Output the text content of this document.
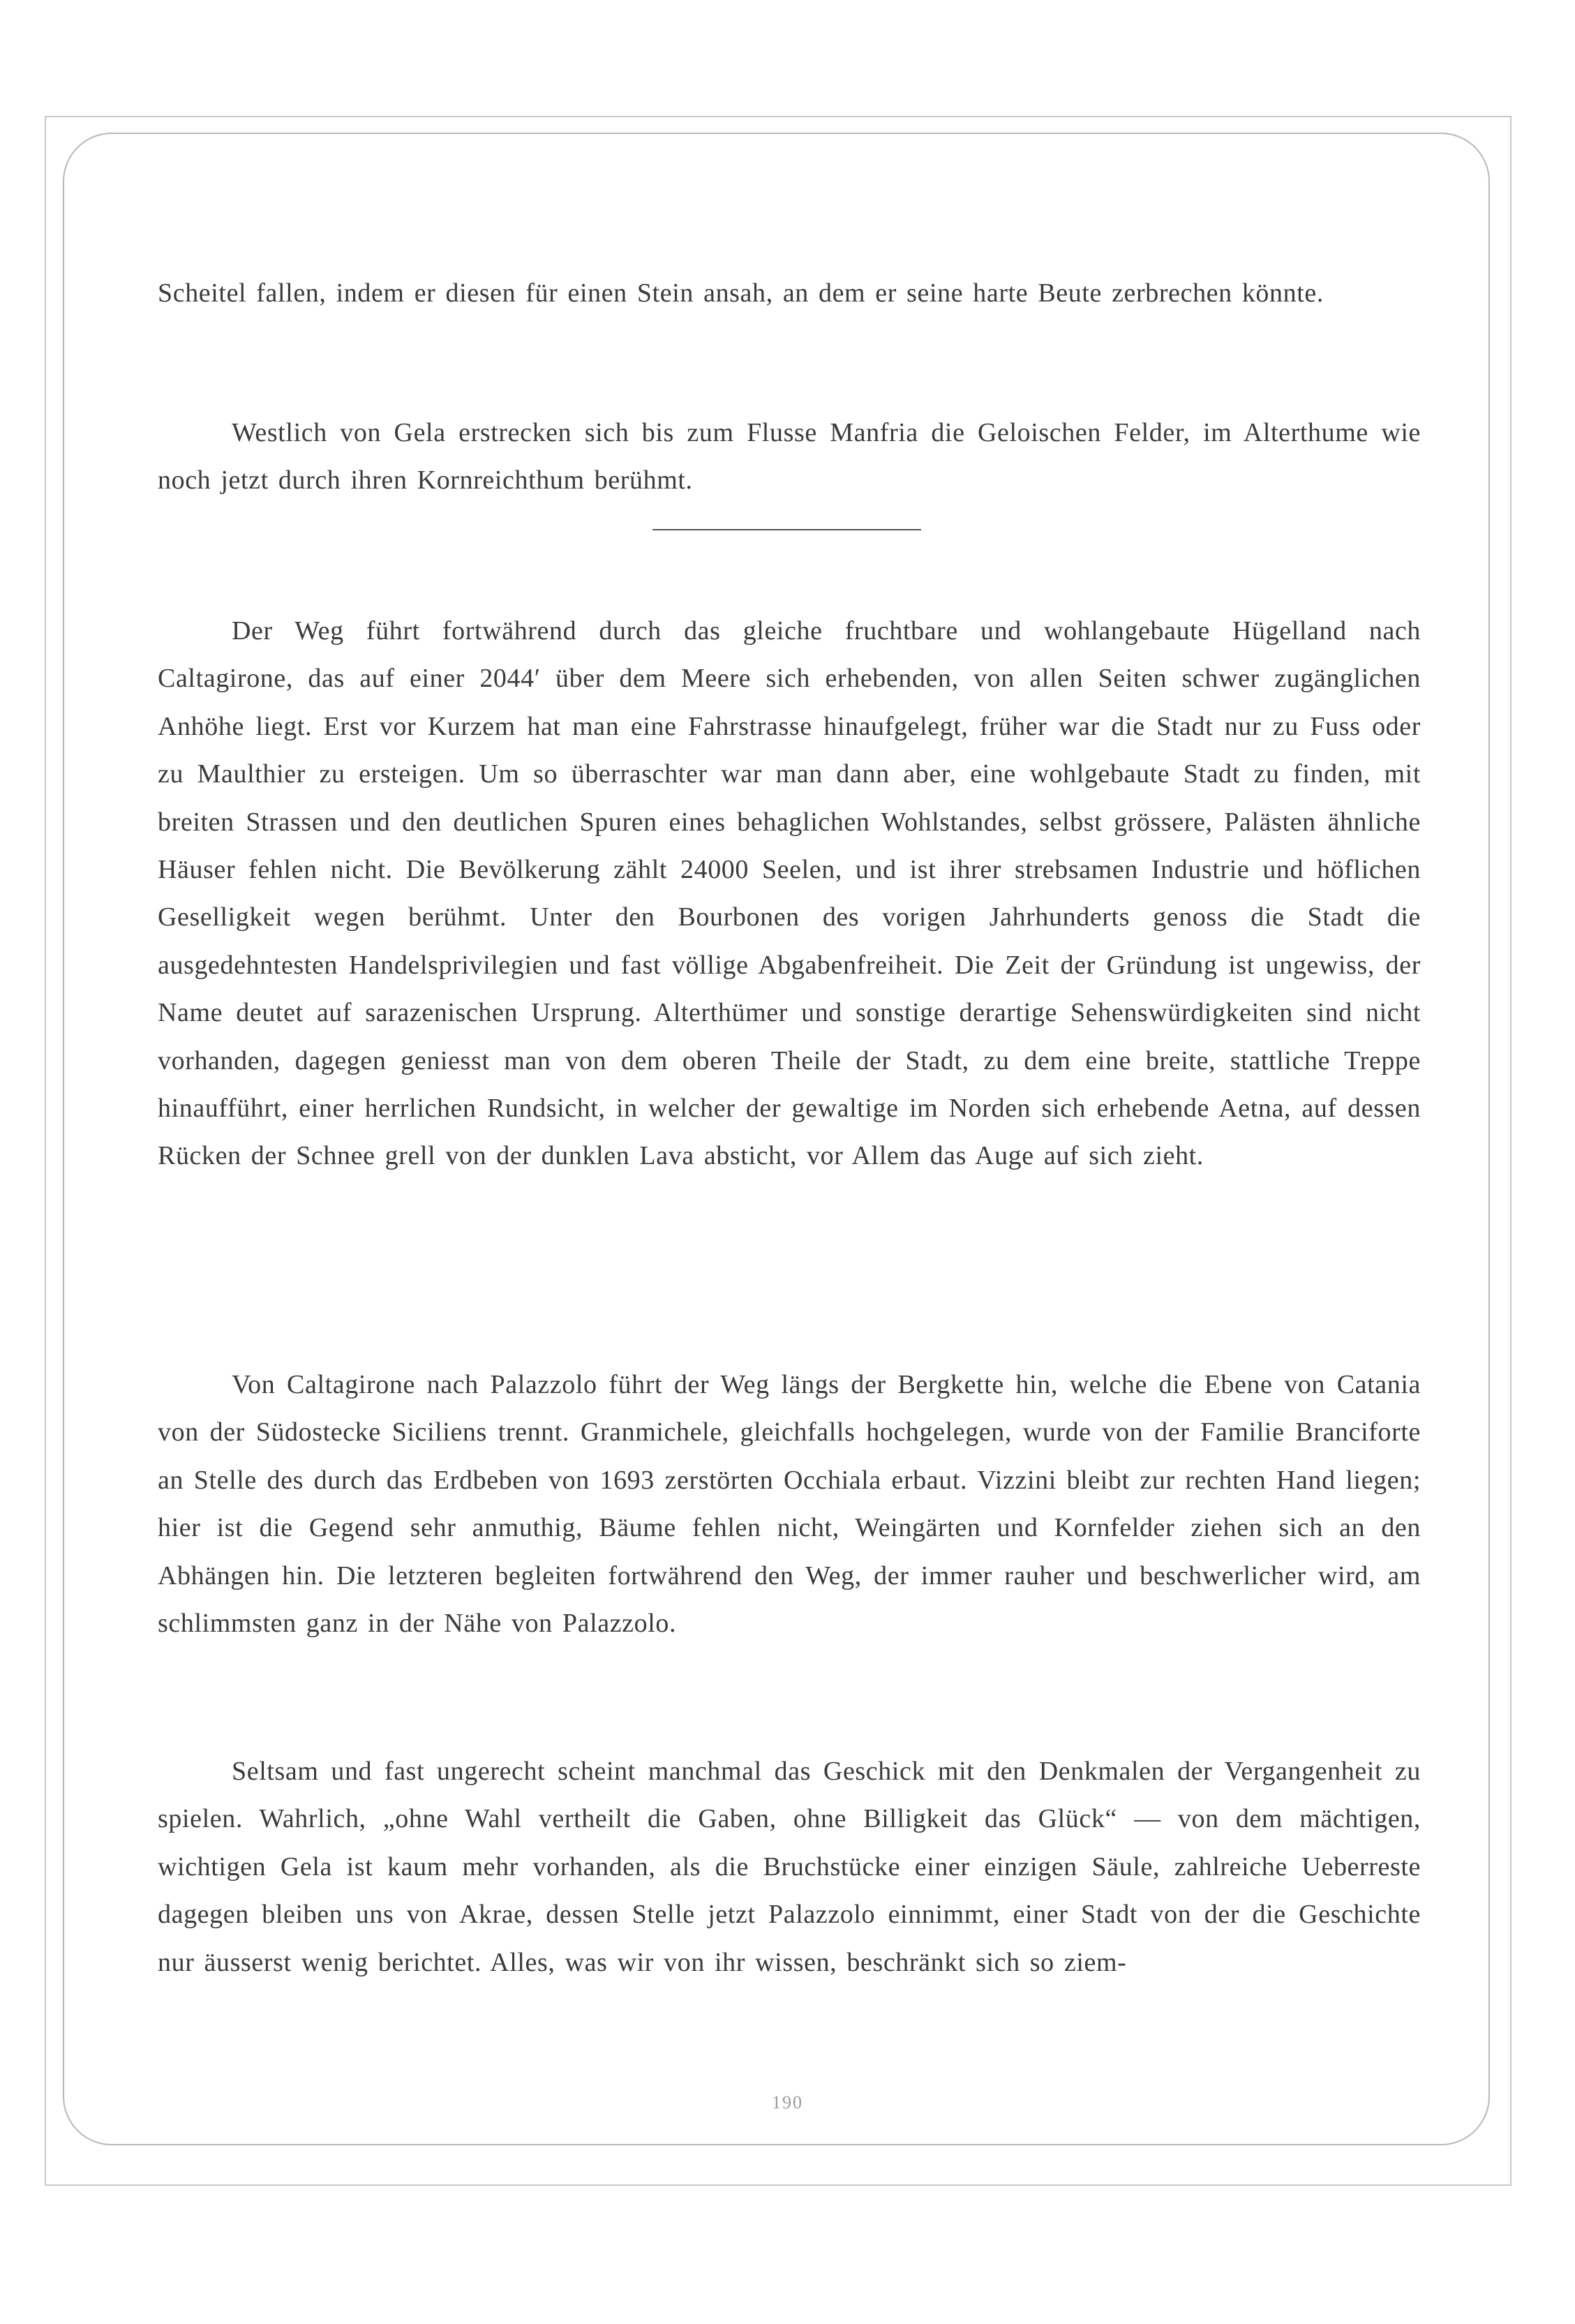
Scheitel fallen, indem er diesen für einen Stein ansah, an dem er seine harte Beute zerbrechen könnte.

Westlich von Gela erstrecken sich bis zum Flusse Manfria die Geloischen Felder, im Alterthume wie noch jetzt durch ihren Kornreichthum berühmt.

Der Weg führt fortwährend durch das gleiche fruchtbare und wohlangebaute Hügelland nach Caltagirone, das auf einer 2044′ über dem Meere sich erhebenden, von allen Seiten schwer zugänglichen Anhöhe liegt. Erst vor Kurzem hat man eine Fahrstrasse hinaufgelegt, früher war die Stadt nur zu Fuss oder zu Maulthier zu ersteigen. Um so überraschter war man dann aber, eine wohlgebaute Stadt zu finden, mit breiten Strassen und den deutlichen Spuren eines behaglichen Wohlstandes, selbst grössere, Palästen ähnliche Häuser fehlen nicht. Die Bevölkerung zählt 24000 Seelen, und ist ihrer strebsamen Industrie und höflichen Geselligkeit wegen berühmt. Unter den Bourbonen des vorigen Jahrhunderts genoss die Stadt die ausgedehntesten Handelsprivilegien und fast völlige Abgabenfreiheit. Die Zeit der Gründung ist ungewiss, der Name deutet auf sarazenischen Ursprung. Alterthümer und sonstige derartige Sehenswürdigkeiten sind nicht vorhanden, dagegen geniesst man von dem oberen Theile der Stadt, zu dem eine breite, stattliche Treppe hinaufführt, einer herrlichen Rundsicht, in welcher der gewaltige im Norden sich erhebende Aetna, auf dessen Rücken der Schnee grell von der dunklen Lava absticht, vor Allem das Auge auf sich zieht.

Von Caltagirone nach Palazzolo führt der Weg längs der Bergkette hin, welche die Ebene von Catania von der Südostecke Siciliens trennt. Granmichele, gleichfalls hochgelegen, wurde von der Familie Branciforte an Stelle des durch das Erdbeben von 1693 zerstörten Occhiala erbaut. Vizzini bleibt zur rechten Hand liegen; hier ist die Gegend sehr anmuthig, Bäume fehlen nicht, Weingärten und Kornfelder ziehen sich an den Abhängen hin. Die letzteren begleiten fortwährend den Weg, der immer rauher und beschwerlicher wird, am schlimmsten ganz in der Nähe von Palazzolo.

Seltsam und fast ungerecht scheint manchmal das Geschick mit den Denkmalen der Vergangenheit zu spielen. Wahrlich, „ohne Wahl vertheilt die Gaben, ohne Billigkeit das Glück“ — von dem mächtigen, wichtigen Gela ist kaum mehr vorhanden, als die Bruchstücke einer einzigen Säule, zahlreiche Ueberreste dagegen bleiben uns von Akrae, dessen Stelle jetzt Palazzolo einnimmt, einer Stadt von der die Geschichte nur äusserst wenig berichtet. Alles, was wir von ihr wissen, beschränkt sich so ziem-

190
